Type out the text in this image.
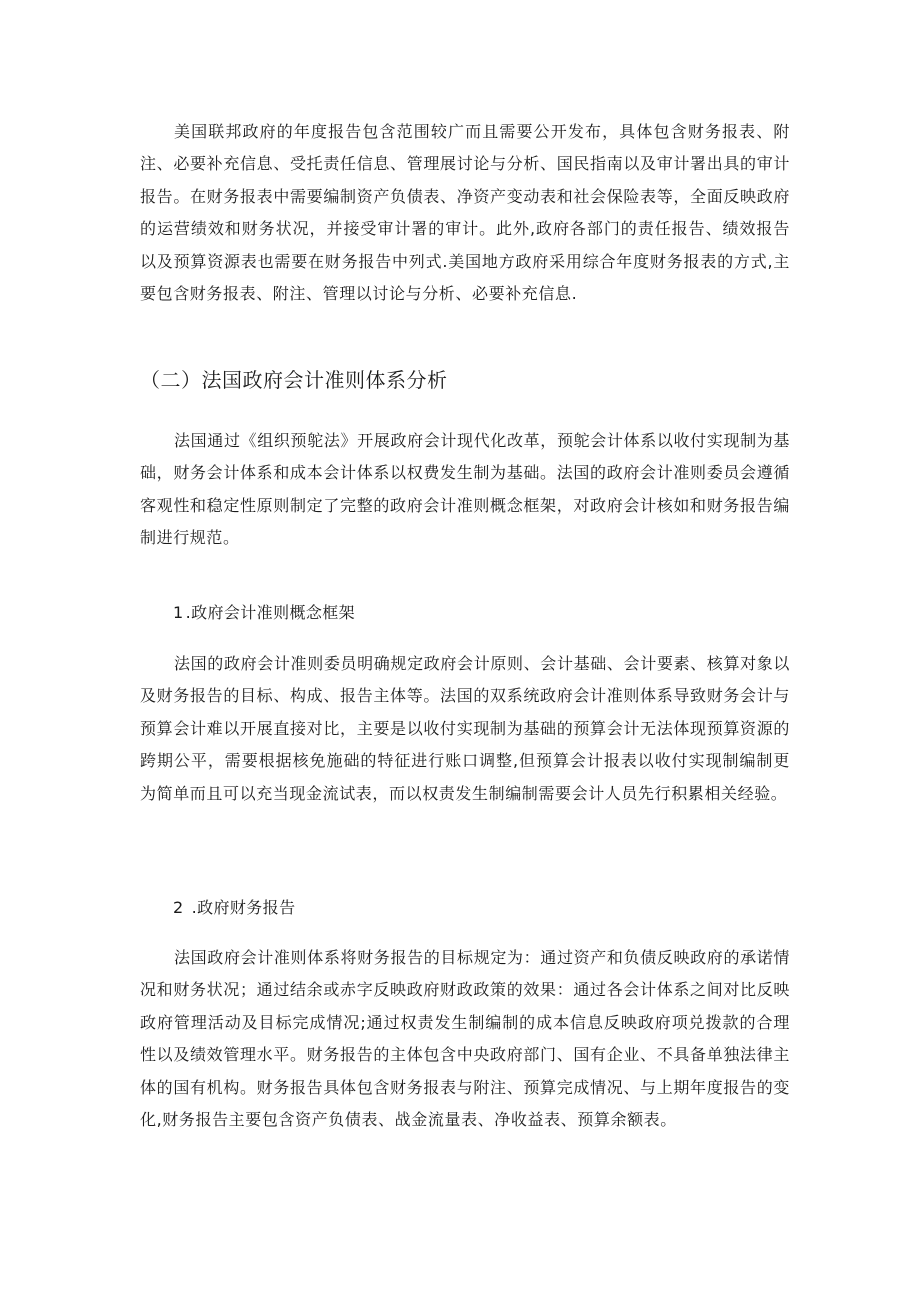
美国联邦政府的年度报告包含范围较广而且需要公开发布，具体包含财务报表、附注、必要补充信息、受托责任信息、管理展讨论与分析、国民指南以及审计署出具的审计报告。在财务报表中需要编制资产负债表、净资产变动表和社会保险表等，全面反映政府的运营绩效和财务状况，并接受审计署的审计。此外,政府各部门的责任报告、绩效报告以及预算资源表也需要在财务报告中列式.美国地方政府采用综合年度财务报表的方式,主要包含财务报表、附注、管理以讨论与分析、必要补充信息.

（二）法国政府会计准则体系分析

法国通过《组织预鸵法》开展政府会计现代化改革，预鸵会计体系以收付实现制为基础，财务会计体系和成本会计体系以权费发生制为基础。法国的政府会计准则委员会遵循客观性和稳定性原则制定了完整的政府会计准则概念框架，对政府会计核如和财务报告编制进行规范。

1 .政府会计准则概念框架

法国的政府会计准则委员明确规定政府会计原则、会计基础、会计要素、核算对象以及财务报告的目标、构成、报告主体等。法国的双系统政府会计准则体系导致财务会计与预算会计难以开展直接对比，主要是以收付实现制为基础的预算会计无法体现预算资源的跨期公平，需要根据核免施础的特征进行账口调整,但预算会计报表以收付实现制编制更为简单而且可以充当现金流试表，而以权责发生制编制需要会计人员先行积累相关经验。

2 .政府财务报告

法国政府会计准则体系将财务报告的目标规定为：通过资产和负债反映政府的承诺情况和财务状况；通过结余或赤字反映政府财政政策的效果：通过各会计体系之间对比反映政府管理活动及目标完成情况;通过权责发生制编制的成本信息反映政府项兑拨款的合理性以及绩效管理水平。财务报告的主体包含中央政府部门、国有企业、不具备单独法律主体的国有机构。财务报告具体包含财务报表与附注、预算完成情况、与上期年度报告的变化,财务报告主要包含资产负债表、战金流量表、净收益表、预算余额表。
